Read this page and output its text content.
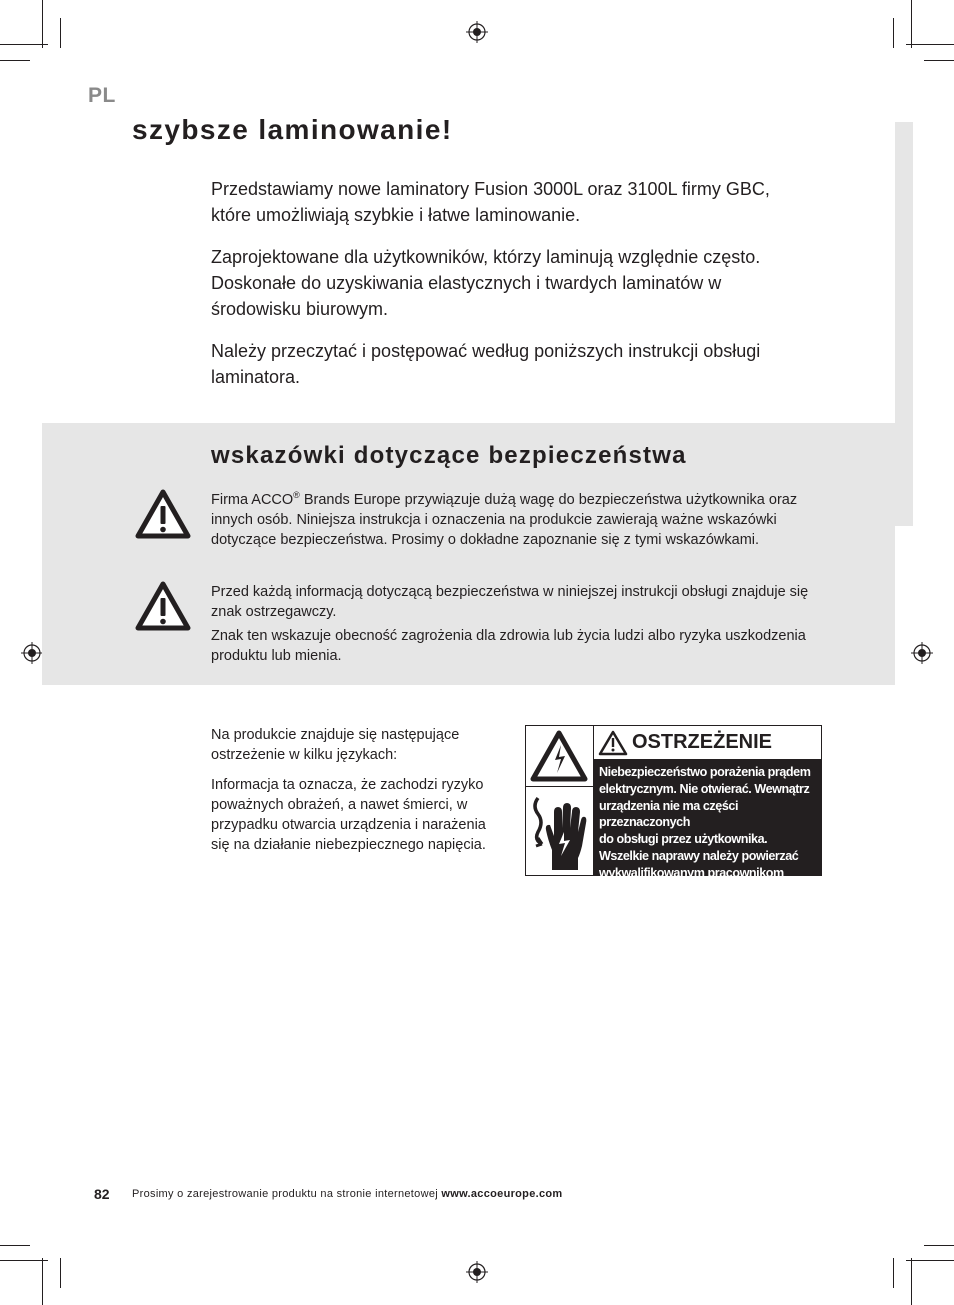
PL
szybsze laminowanie!

Przedstawiamy nowe laminatory Fusion 3000L oraz 3100L firmy GBC, które umożliwiają szybkie i łatwe laminowanie.

Zaprojektowane dla użytkowników, którzy laminują względnie często. Doskonałe do uzyskiwania elastycznych i twardych laminatów w środowisku biurowym.

Należy przeczytać i postępować według poniższych instrukcji obsługi laminatora.

wskazówki dotyczące bezpieczeństwa

Firma ACCO® Brands Europe przywiązuje dużą wagę do bezpieczeństwa użytkownika oraz innych osób. Niniejsza instrukcja i oznaczenia na produkcie zawierają ważne wskazówki dotyczące bezpieczeństwa. Prosimy o dokładne zapoznanie się z tymi wskazówkami.

Przed każdą informacją dotyczącą bezpieczeństwa w niniejszej instrukcji obsługi znajduje się znak ostrzegawczy.

Znak ten wskazuje obecność zagrożenia dla zdrowia lub życia ludzi albo ryzyka uszkodzenia produktu lub mienia.

Na produkcie znajduje się następujące ostrzeżenie w kilku językach:

Informacja ta oznacza, że zachodzi ryzyko poważnych obrażeń, a nawet śmierci, w przypadku otwarcia urządzenia i narażenia się na działanie niebezpiecznego napięcia.

OSTRZEŻENIE
Niebezpieczeństwo porażenia prądem
elektrycznym. Nie otwierać. Wewnątrz
urządzenia nie ma części przeznaczonych
do obsługi przez użytkownika.
Wszelkie naprawy należy powierzać
wykwalifikowanym pracownikom serwisu.
82 Prosimy o zarejestrowanie produktu na stronie internetowej www.accoeurope.com
